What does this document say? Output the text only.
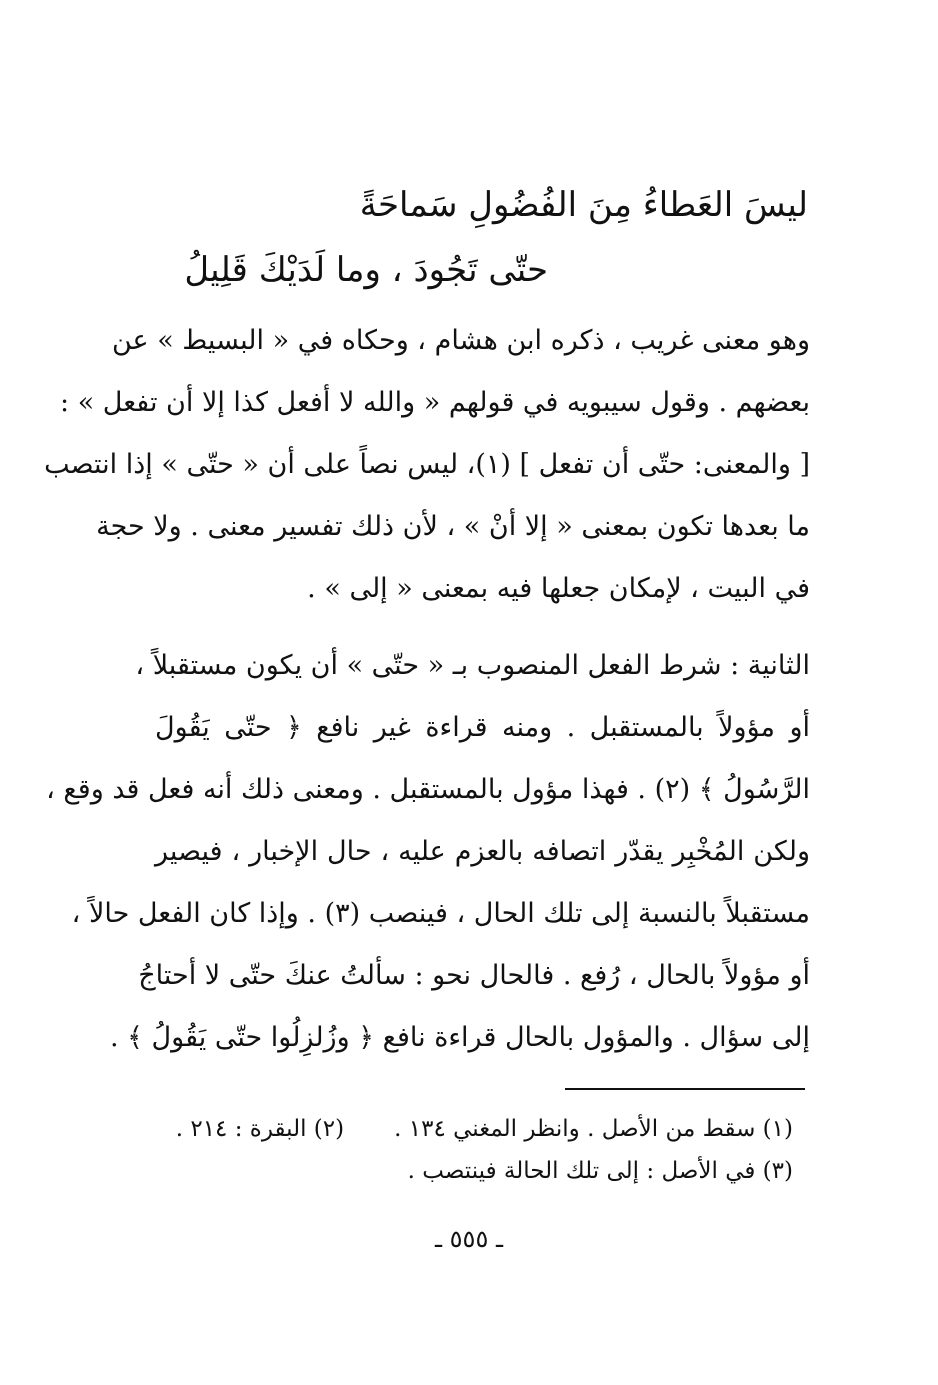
ليسَ العَطاءُ مِنَ الفُضُولِ سَماحَةً
حتّى تَجُودَ ، وما لَدَيْكَ قَلِيلُ
وهو معنى غريب ، ذكره ابن هشام ، وحكاه في « البسيط » عن
بعضهم . وقول سيبويه في قولهم « والله لا أفعل كذا إلا أن تفعل » :
[ والمعنى: حتّى أن تفعل ] (١)، ليس نصاً على أن « حتّى » إذا انتصب
ما بعدها تكون بمعنى « إلا أنْ » ، لأن ذلك تفسير معنى . ولا حجة
في البيت ، لإمكان جعلها فيه بمعنى « إلى » .
الثانية : شرط الفعل المنصوب بـ « حتّى » أن يكون مستقبلاً ،
أو مؤولاً بالمستقبل . ومنه قراءة غير نافع ﴿ حتّى يَقُولَ
الرَّسُولُ ﴾ (٢) . فهذا مؤول بالمستقبل . ومعنى ذلك أنه فعل قد وقع ،
ولكن المُخْبِر يقدّر اتصافه بالعزم عليه ، حال الإخبار ، فيصير
مستقبلاً بالنسبة إلى تلك الحال ، فينصب (٣) . وإذا كان الفعل حالاً ،
أو مؤولاً بالحال ، رُفع . فالحال نحو : سألتُ عنكَ حتّى لا أحتاجُ
إلى سؤال . والمؤول بالحال قراءة نافع ﴿ وزُلزِلُوا حتّى يَقُولُ ﴾ .
(١) سقط من الأصل . وانظر المغني ١٣٤ .
(٢) البقرة : ٢١٤ .
(٣) في الأصل : إلى تلك الحالة فينتصب .
ـ ٥٥٥ ـ
